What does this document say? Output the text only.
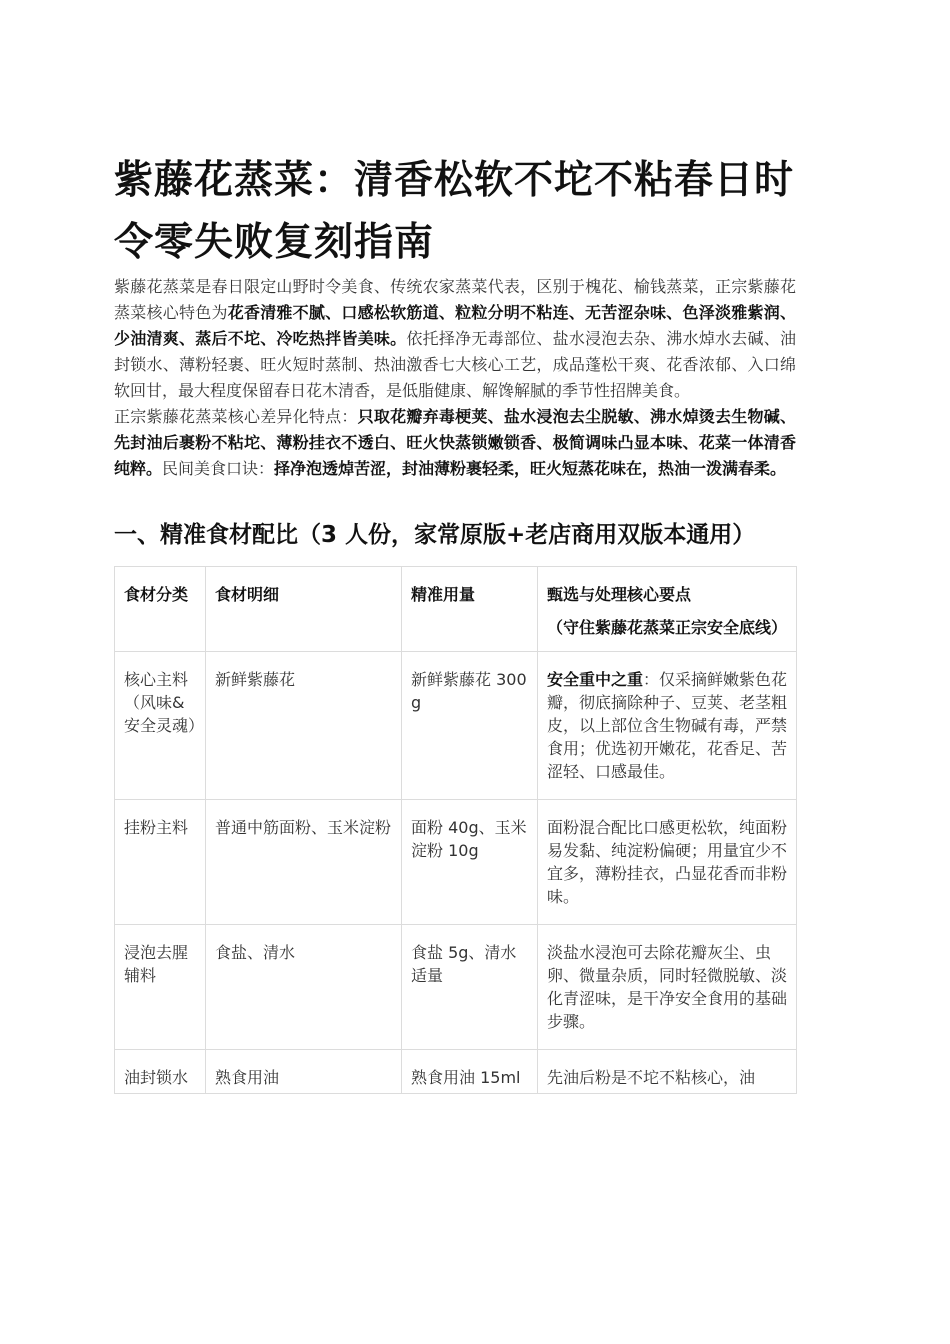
紫藤花蒸菜：清香松软不坨不粘春日时令零失败复刻指南

紫藤花蒸菜是春日限定山野时令美食、传统农家蒸菜代表，区别于槐花、榆钱蒸菜，正宗紫藤花蒸菜核心特色为花香清雅不腻、口感松软筋道、粒粒分明不粘连、无苦涩杂味、色泽淡雅紫润、少油清爽、蒸后不坨、冷吃热拌皆美味。依托择净无毒部位、盐水浸泡去杂、沸水焯水去碱、油封锁水、薄粉轻裹、旺火短时蒸制、热油激香七大核心工艺，成品蓬松干爽、花香浓郁、入口绵软回甘，最大程度保留春日花木清香，是低脂健康、解馋解腻的季节性招牌美食。

正宗紫藤花蒸菜核心差异化特点：只取花瓣弃毒梗荚、盐水浸泡去尘脱敏、沸水焯烫去生物碱、先封油后裹粉不粘坨、薄粉挂衣不透白、旺火快蒸锁嫩锁香、极简调味凸显本味、花菜一体清香纯粹。民间美食口诀：择净泡透焯苦涩，封油薄粉裹轻柔，旺火短蒸花味在，热油一泼满春柔。

一、精准食材配比（3 人份，家常原版+老店商用双版本通用）
食材分类	食材明细	精准用量	甄选与处理核心要点
（守住紫藤花蒸菜正宗安全底线）

核心主料（风味&安全灵魂）	新鲜紫藤花	新鲜紫藤花 300g	安全重中之重：仅采摘鲜嫩紫色花瓣，彻底摘除种子、豆荚、老茎粗皮，以上部位含生物碱有毒，严禁食用；优选初开嫩花，花香足、苦涩轻、口感最佳。
挂粉主料	普通中筋面粉、玉米淀粉	面粉 40g、玉米淀粉 10g	面粉混合配比口感更松软，纯面粉易发黏、纯淀粉偏硬；用量宜少不宜多，薄粉挂衣，凸显花香而非粉味。
浸泡去腥辅料	食盐、清水	食盐 5g、清水适量	淡盐水浸泡可去除花瓣灰尘、虫卵、微量杂质，同时轻微脱敏、淡化青涩味，是干净安全食用的基础步骤。

油封锁水	熟食用油	熟食用油 15ml	先油后粉是不坨不粘核心，油
